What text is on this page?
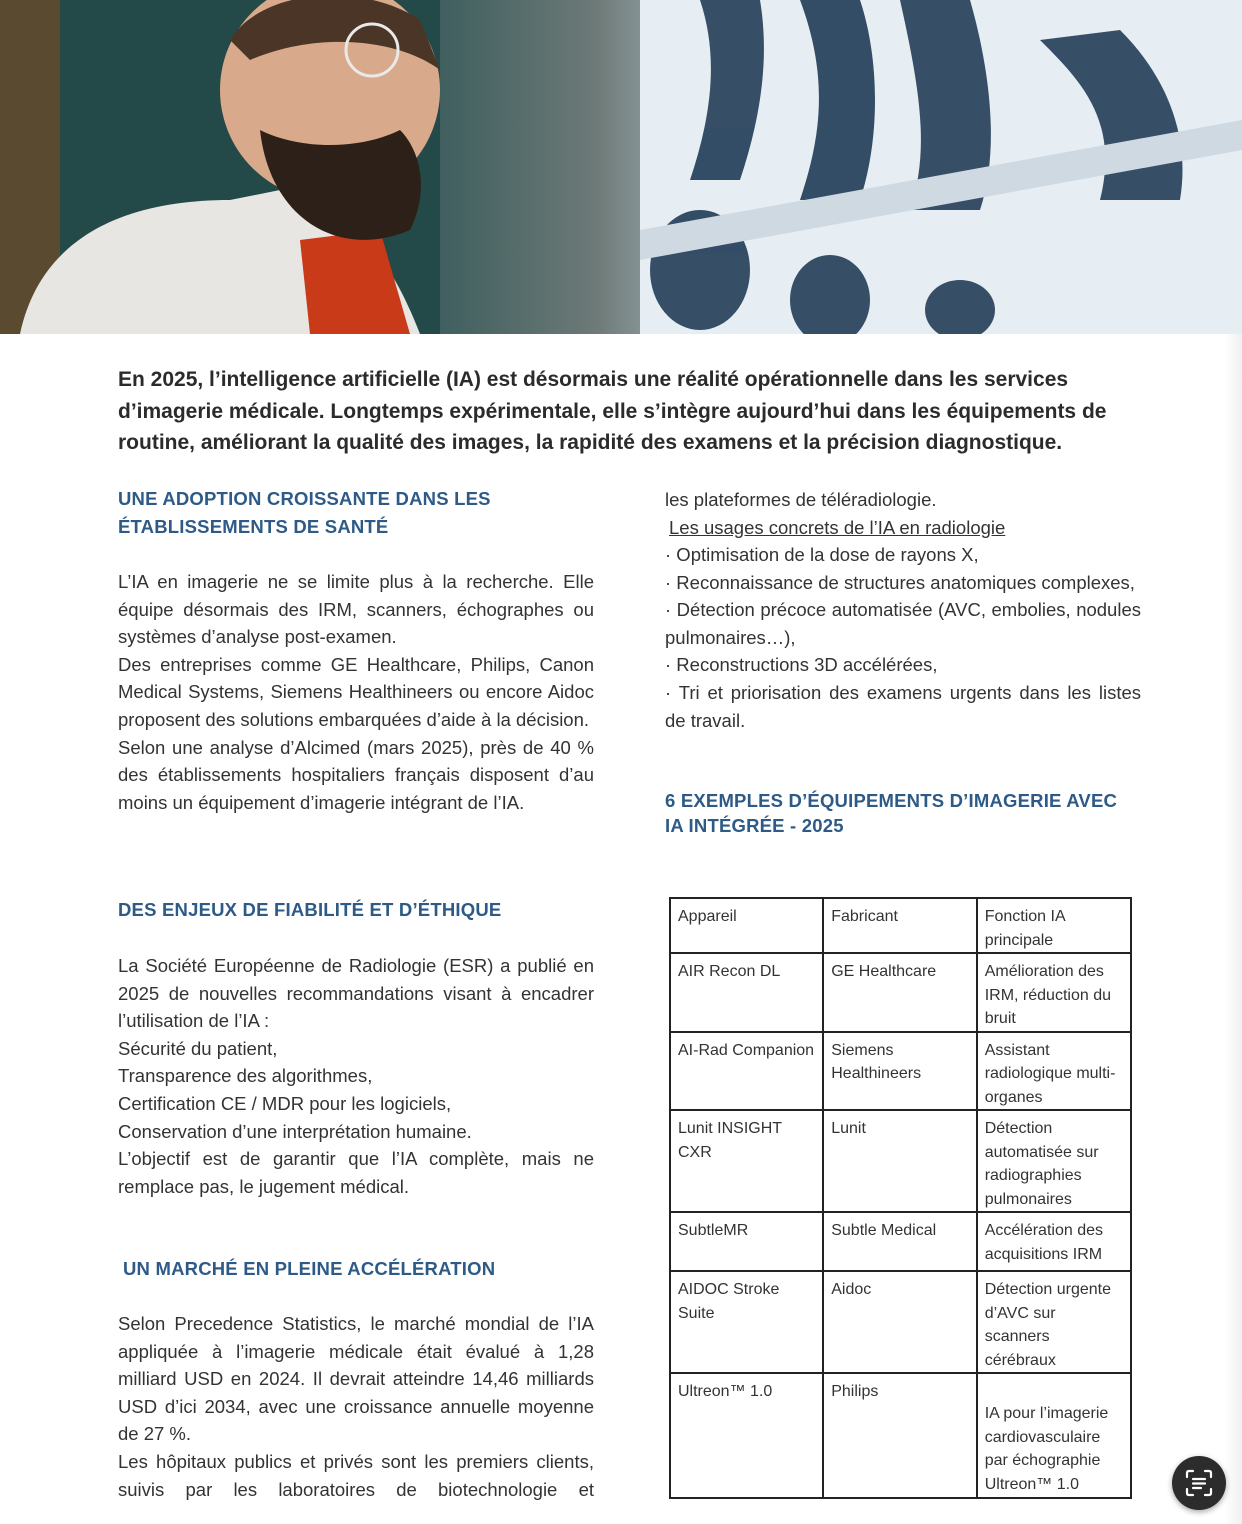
En 2025, l’intelligence artificielle (IA) est désormais une réalité opérationnelle dans les services d’imagerie médicale. Longtemps expérimentale, elle s’intègre aujourd’hui dans les équipements de routine, améliorant la qualité des images, la rapidité des examens et la précision diagnostique.
UNE ADOPTION CROISSANTE DANS LES
ÉTABLISSEMENTS DE SANTÉ
L’IA en imagerie ne se limite plus à la recherche. Elle équipe désormais des IRM, scanners, échographes ou systèmes d’analyse post-examen.
Des entreprises comme GE Healthcare, Philips, Canon Medical Systems, Siemens Healthineers ou encore Aidoc proposent des solutions embarquées d’aide à la décision.
Selon une analyse d’Alcimed (mars 2025), près de 40 % des établissements hospitaliers français disposent d’au moins un équipement d’imagerie intégrant de l’IA.
DES ENJEUX DE FIABILITÉ ET D’ÉTHIQUE
La Société Européenne de Radiologie (ESR) a publié en 2025 de nouvelles recommandations visant à encadrer l’utilisation de l’IA :
Sécurité du patient,
Transparence des algorithmes,
Certification CE / MDR pour les logiciels,
Conservation d’une interprétation humaine.
L’objectif est de garantir que l’IA complète, mais ne remplace pas, le jugement médical.
UN MARCHÉ EN PLEINE ACCÉLÉRATION
Selon Precedence Statistics, le marché mondial de l’IA appliquée à l’imagerie médicale était évalué à 1,28 milliard USD en 2024. Il devrait atteindre 14,46 milliards USD d’ici 2034, avec une croissance annuelle moyenne de 27 %.
Les hôpitaux publics et privés sont les premiers clients, suivis par les laboratoires de biotechnologie et
les plateformes de téléradiologie.
Les usages concrets de l’IA en radiologie
· Optimisation de la dose de rayons X,
· Reconnaissance de structures anatomiques complexes,
· Détection précoce automatisée (AVC, embolies, nodules pulmonaires…),
· Reconstructions 3D accélérées,
· Tri et priorisation des examens urgents dans les listes de travail.
6 EXEMPLES D’ÉQUIPEMENTS D’IMAGERIE AVEC
IA INTÉGRÉE - 2025
Appareil	Fabricant	Fonction IA principale
AIR Recon DL	GE Healthcare	Amélioration des IRM, réduction du bruit
AI-Rad Companion	Siemens Healthineers	Assistant radiologique multi-organes
Lunit INSIGHT CXR	Lunit	Détection automatisée sur radiographies pulmonaires
SubtleMR	Subtle Medical	Accélération des acquisitions IRM
AIDOC Stroke Suite	Aidoc	Détection urgente d’AVC sur scanners cérébraux
Ultreon™ 1.0	Philips	IA pour l’imagerie cardiovasculaire par échographie Ultreon™ 1.0
